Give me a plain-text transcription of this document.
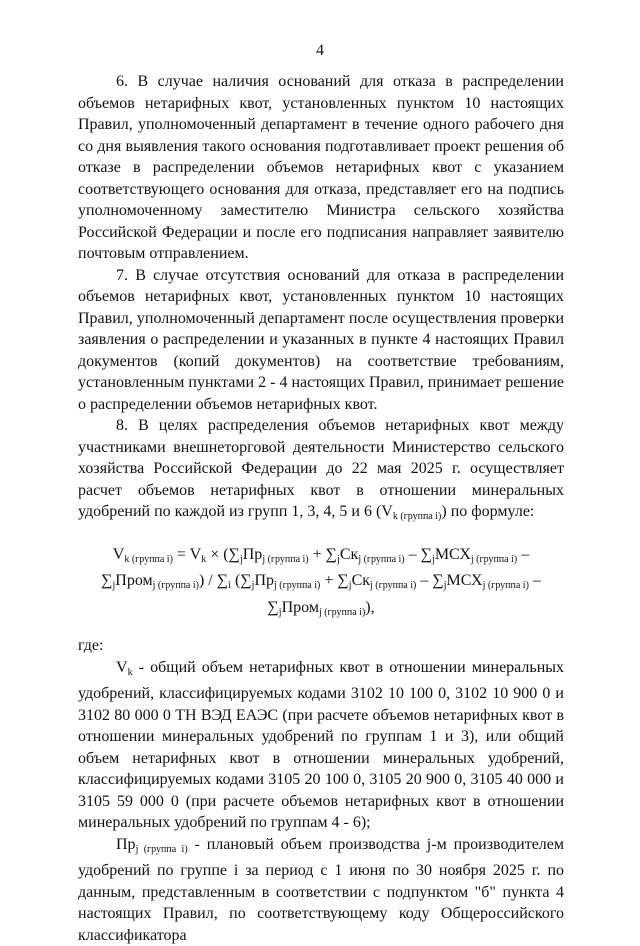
4

6. В случае наличия оснований для отказа в распределении объемов нетарифных квот, установленных пунктом 10 настоящих Правил, уполномоченный департамент в течение одного рабочего дня со дня выявления такого основания подготавливает проект решения об отказе в распределении объемов нетарифных квот с указанием соответствующего основания для отказа, представляет его на подпись уполномоченному заместителю Министра сельского хозяйства Российской Федерации и после его подписания направляет заявителю почтовым отправлением.

7. В случае отсутствия оснований для отказа в распределении объемов нетарифных квот, установленных пунктом 10 настоящих Правил, уполномоченный департамент после осуществления проверки заявления о распределении и указанных в пункте 4 настоящих Правил документов (копий документов) на соответствие требованиям, установленным пунктами 2 - 4 настоящих Правил, принимает решение о распределении объемов нетарифных квот.

8. В целях распределения объемов нетарифных квот между участниками внешнеторговой деятельности Министерство сельского хозяйства Российской Федерации до 22 мая 2025 г. осуществляет расчет объемов нетарифных квот в отношении минеральных удобрений по каждой из групп 1, 3, 4, 5 и 6 $(V_{k (группа i)})$ по формуле:

$V_{k (группа i)} = V_k \times (\sum_jПр_{j (группа i)} + \sum_jСк_{j (группа i)} - \sum_jМСХ_{j (группа i)}$ –
$\sum_jПром_{j (группа i)}) / \sum_i$ ($\sum_jПр_{j (группа i)} + \sum_jСк_{j (группа i)} - \sum_jМСХ_{j (группа i)}$ –
$\sum_jПром_{j (группа i)}$),

где:

$V_k$ - общий объем нетарифных квот в отношении минеральных удобрений, классифицируемых кодами 3102 10 100 0, 3102 10 900 0 и 3102 80 000 0 ТН ВЭД ЕАЭС (при расчете объемов нетарифных квот в отношении минеральных удобрений по группам 1 и 3), или общий объем нетарифных квот в отношении минеральных удобрений, классифицируемых кодами 3105 20 100 0, 3105 20 900 0, 3105 40 000 и 3105 59 000 0 (при расчете объемов нетарифных квот в отношении минеральных удобрений по группам 4 - 6);

$Пр_{j (группа i)}$ - плановый объем производства j-м производителем удобрений по группе i за период с 1 июня по 30 ноября 2025 г. по данным, представленным в соответствии с подпунктом "б" пункта 4 настоящих Правил, по соответствующему коду Общероссийского классификатора
